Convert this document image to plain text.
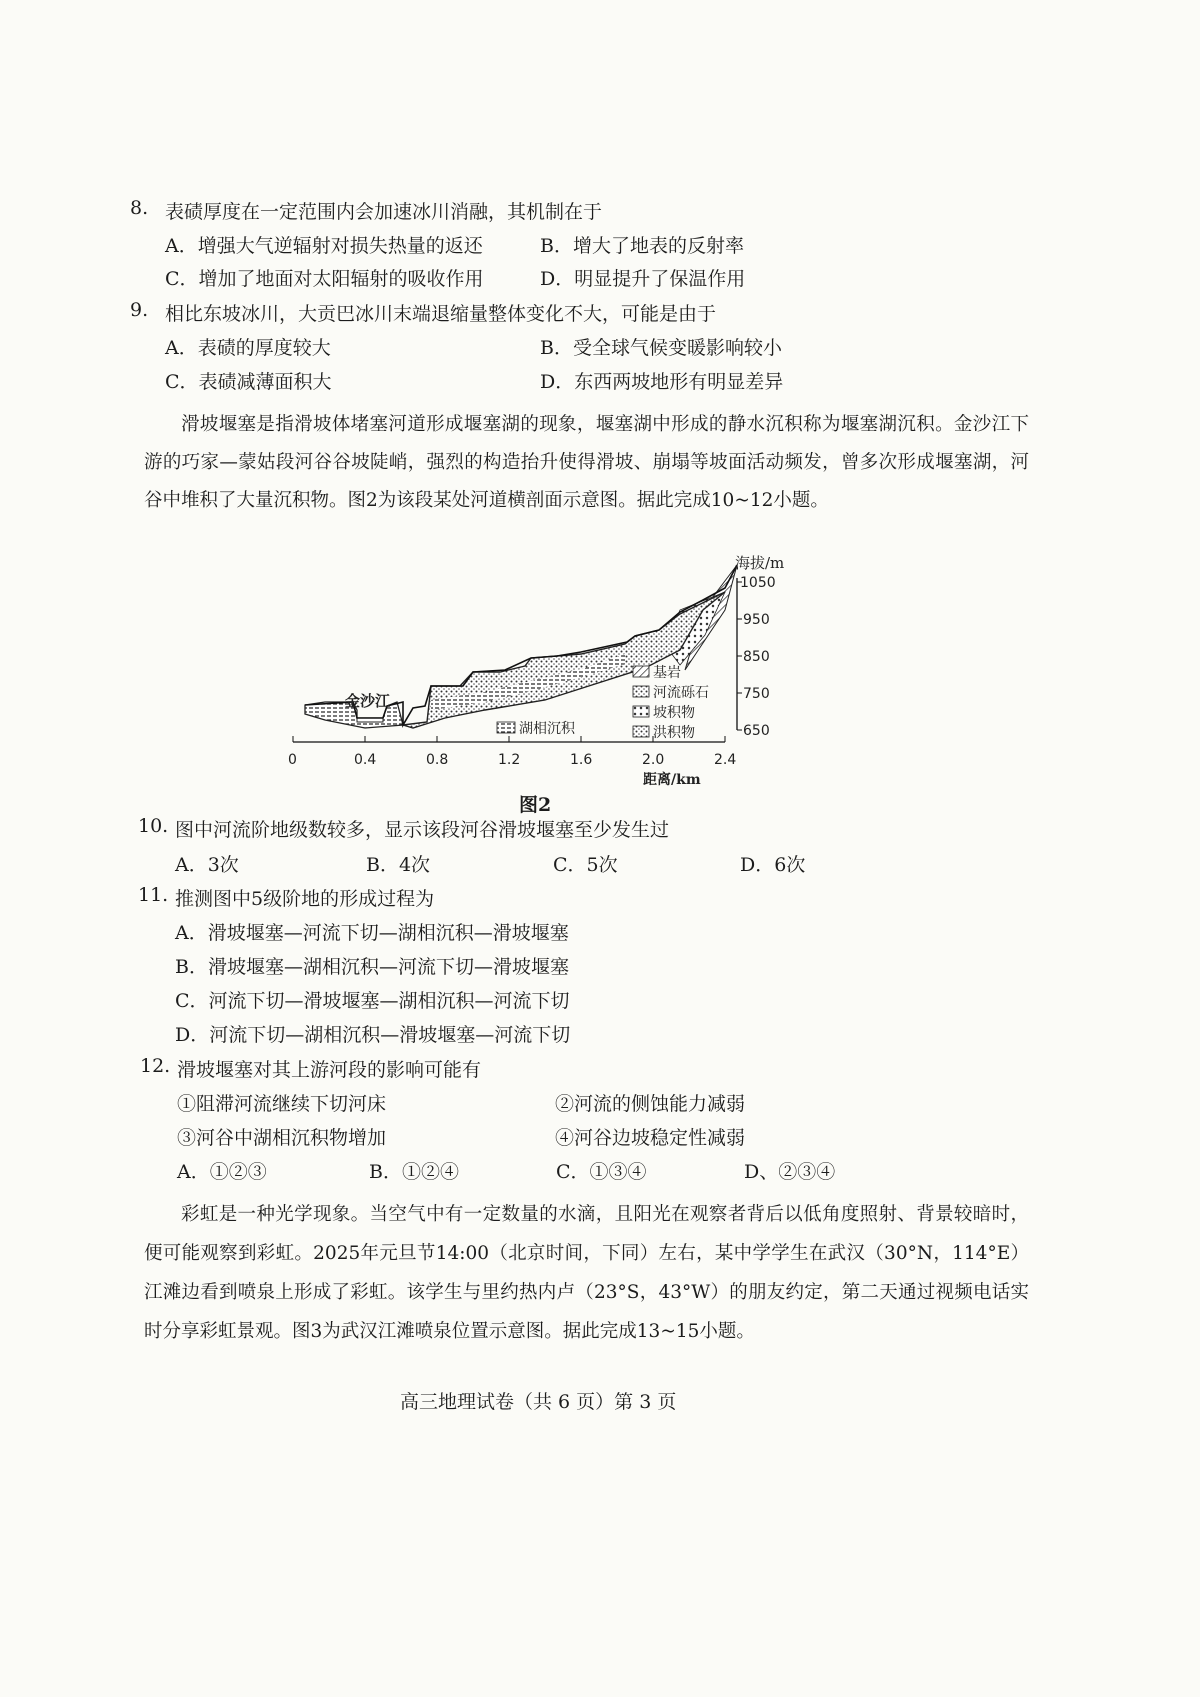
8. 表碛厚度在一定范围内会加速冰川消融，其机制在于
A．增强大气逆辐射对损失热量的返还	B．增大了地表的反射率
C．增加了地面对太阳辐射的吸收作用	D．明显提升了保温作用
9. 相比东坡冰川，大贡巴冰川末端退缩量整体变化不大，可能是由于
A．表碛的厚度较大	B．受全球气候变暖影响较小
C．表碛减薄面积大	D．东西两坡地形有明显差异

滑坡堰塞是指滑坡体堵塞河道形成堰塞湖的现象，堰塞湖中形成的静水沉积称为堰塞湖沉积。金沙江下游的巧家—蒙姑段河谷谷坡陡峭，强烈的构造抬升使得滑坡、崩塌等坡面活动频发，曾多次形成堰塞湖，河谷中堆积了大量沉积物。图2为该段某处河道横剖面示意图。据此完成10~12小题。

金沙江
湖相沉积
基岩
河流砾石
坡积物
洪积物
海拔/m
1050
950
850
750
650
0	0.4	0.8	1.2	1.6	2.0	2.4
距离/km
图2
10. 图中河流阶地级数较多，显示该段河谷滑坡堰塞至少发生过
A．3次	B．4次	C．5次	D．6次
11. 推测图中5级阶地的形成过程为
A．滑坡堰塞—河流下切—湖相沉积—滑坡堰塞
B．滑坡堰塞—湖相沉积—河流下切—滑坡堰塞
C．河流下切—滑坡堰塞—湖相沉积—河流下切
D．河流下切—湖相沉积—滑坡堰塞—河流下切
12. 滑坡堰塞对其上游河段的影响可能有
①阻滞河流继续下切河床	②河流的侧蚀能力减弱
③河谷中湖相沉积物增加	④河谷边坡稳定性减弱
A．①②③	B．①②④	C．①③④	D、②③④

彩虹是一种光学现象。当空气中有一定数量的水滴，且阳光在观察者背后以低角度照射、背景较暗时，便可能观察到彩虹。2025年元旦节14:00（北京时间，下同）左右，某中学学生在武汉（30°N，114°E）江滩边看到喷泉上形成了彩虹。该学生与里约热内卢（23°S，43°W）的朋友约定，第二天通过视频电话实时分享彩虹景观。图3为武汉江滩喷泉位置示意图。据此完成13~15小题。

高三地理试卷（共 6 页）第 3 页
